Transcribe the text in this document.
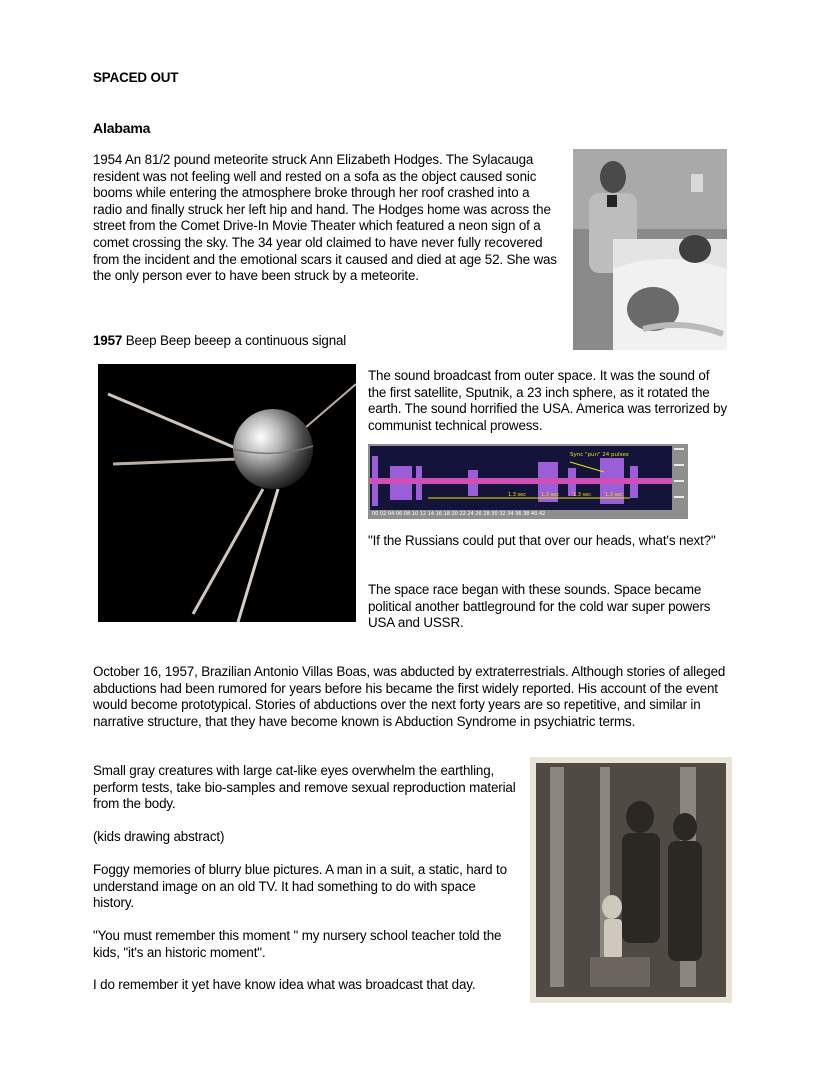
SPACED OUT
Alabama
1954 An 81/2 pound meteorite struck Ann Elizabeth Hodges. The Sylacauga resident was not feeling well and rested on a sofa as the object caused sonic booms while entering the atmosphere broke through her roof crashed into a radio and finally struck her left hip and hand. The Hodges home was across the street from the Comet Drive-In Movie Theater which featured a neon sign of a comet crossing the sky. The 34 year old claimed to have never fully recovered from the incident and the emotional scars it caused and died at age 52. She was the only person ever to have been struck by a meteorite.
1957 Beep Beep beeep a continuous signal
The sound broadcast from outer space. It was the sound of the first satellite, Sputnik, a 23 inch sphere, as it rotated the earth. The sound horrified the USA. America was terrorized by communist technical prowess.
00 02 04 06 08 10 12 14 16 18 20 22 24 26 28 30 32 34 36 38 40 42
Sync "pun" 24 pulses
1.3 sec	1.3 sec	1.3 sec	1.3 sec
"If the Russians could put that over our heads, what's next?"
The space race began with these sounds. Space became political another battleground for the cold war super powers USA and USSR.
October 16, 1957, Brazilian Antonio Villas Boas, was abducted by extraterrestrials. Although stories of alleged abductions had been rumored for years before his became the first widely reported. His account of the event would become prototypical. Stories of abductions over the next forty years are so repetitive, and similar in narrative structure, that they have become known is Abduction Syndrome in psychiatric terms.
Small gray creatures with large cat-like eyes overwhelm the earthling, perform tests, take bio-samples and remove sexual reproduction material from the body.
(kids drawing abstract)
Foggy memories of blurry blue pictures. A man in a suit, a static, hard to understand image on an old TV. It had something to do with space history.
"You must remember this moment " my nursery school teacher told the kids, "it's an historic moment".
I do remember it yet have know idea what was broadcast that day.
